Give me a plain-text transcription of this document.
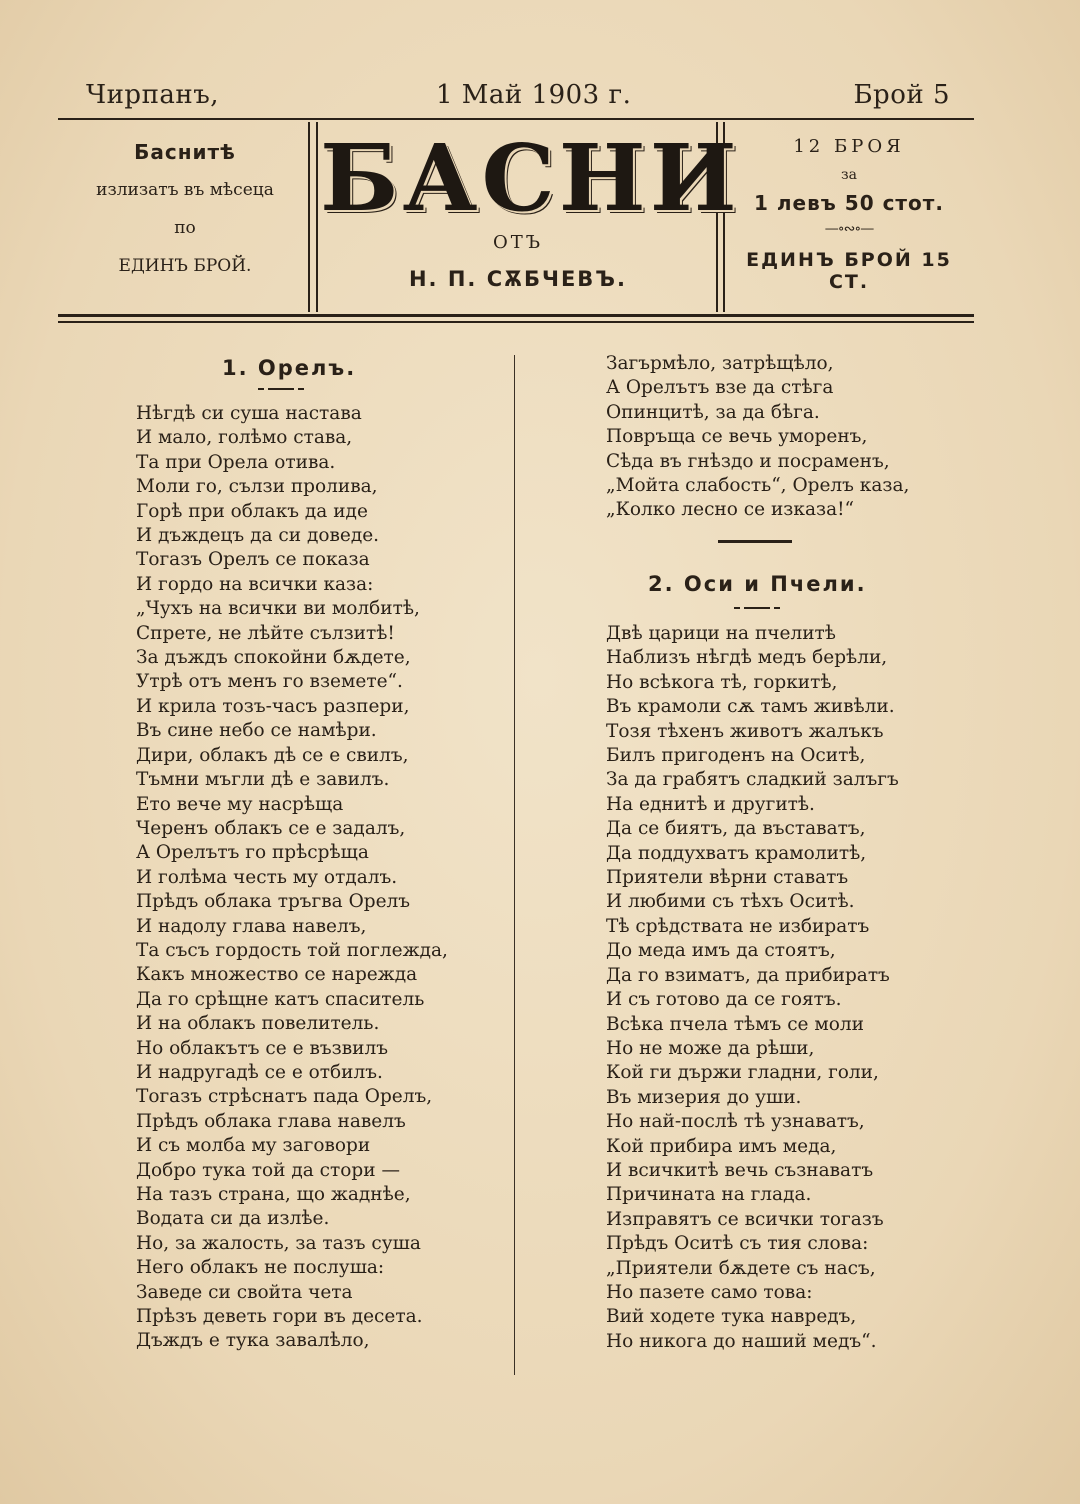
Чирпанъ,	1 Май 1903 г.	Брой 5
Баснитѣ
излизатъ въ мѣсеца
по
ЕДИНЪ БРОЙ.
БАСНИ
ОТЪ
Н. П. СѪБЧЕВЪ.
12 БРОЯ
за
1 левъ 50 стот.
—∘∾∘—
ЕДИНЪ БРОЙ 15 СТ.
1. Орелъ.
Нѣгдѣ си суша настава
И мало, голѣмо става,
Та при Орела отива.
Моли го, сълзи пролива,
Горѣ при облакъ да иде
И дъждецъ да си доведе.
Тогазъ Орелъ се показа
И гордо на всички каза:
„Чухъ на всички ви молбитѣ,
Спрете, не лѣйте сълзитѣ!
За дъждъ спокойни бѫдете,
Утрѣ отъ менъ го вземете“.
И крила тозъ-часъ разпери,
Въ сине небо се намѣри.
Дири, облакъ дѣ се е свилъ,
Тъмни мъгли дѣ е завилъ.
Ето вече му насрѣща
Черенъ облакъ се е задалъ,
А Орелътъ го прѣсрѣща
И голѣма честь му отдалъ.
Прѣдъ облака тръгва Орелъ
И надолу глава навелъ,
Та съсъ гордость той поглежда,
Какъ множество се нарежда
Да го срѣщне катъ спаситель
И на облакъ повелитель.
Но облакътъ се е възвилъ
И надругадѣ се е отбилъ.
Тогазъ стрѣснатъ пада Орелъ,
Прѣдъ облака глава навелъ
И съ молба му заговори
Добро тука той да стори —
На тазъ страна, що жаднѣе,
Водата си да излѣе.
Но, за жалость, за тазъ суша
Него облакъ не послуша:
Заведе си свойта чета
Прѣзъ деветь гори въ десета.
Дъждъ е тука завалѣло,
Загърмѣло, затрѣщѣло,
А Орелътъ взе да стѣга
Опинцитѣ, за да бѣга.
Повръща се вечь уморенъ,
Сѣда въ гнѣздо и посраменъ,
„Мойта слабость“, Орелъ каза,
„Колко лесно се изказа!“
2. Оси и Пчели.
Двѣ царици на пчелитѣ
Наблизъ нѣгдѣ медъ берѣли,
Но всѣкога тѣ, горкитѣ,
Въ крамоли сѫ тамъ живѣли.
Тозя тѣхенъ животъ жалъкъ
Билъ пригоденъ на Оситѣ,
За да грабятъ сладкий залъгъ
На еднитѣ и другитѣ.
Да се биятъ, да въставатъ,
Да поддухватъ крамолитѣ,
Приятели вѣрни ставатъ
И любими съ тѣхъ Оситѣ.
Тѣ срѣдствата не избиратъ
До меда имъ да стоятъ,
Да го взиматъ, да прибиратъ
И съ готово да се гоятъ.
Всѣка пчела тѣмъ се моли
Но не може да рѣши,
Кой ги държи гладни, голи,
Въ мизерия до уши.
Но най-послѣ тѣ узнаватъ,
Кой прибира имъ меда,
И всичкитѣ вечь съзнаватъ
Причината на глада.
Изправятъ се всички тогазъ
Прѣдъ Оситѣ съ тия слова:
„Приятели бѫдете съ насъ,
Но пазете само това:
Вий ходете тука навредъ,
Но никога до наший медъ“.
